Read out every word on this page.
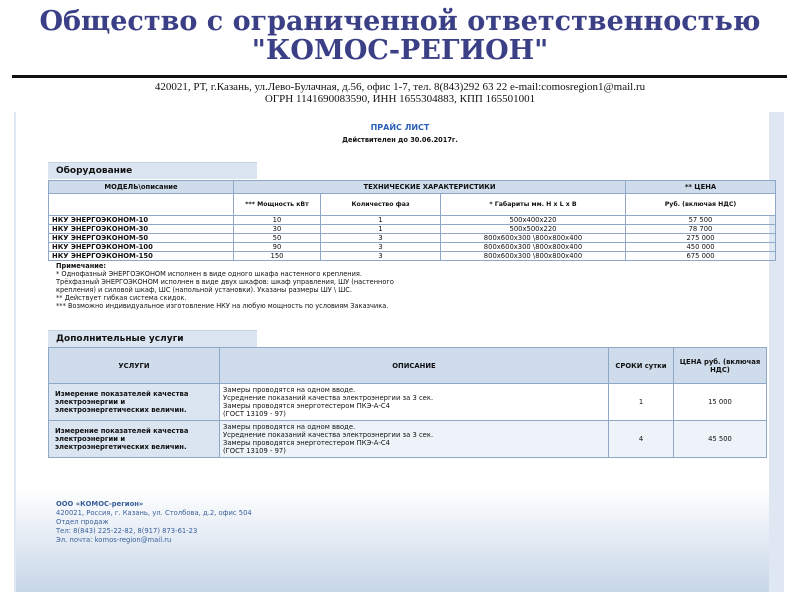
Общество с ограниченной ответственностью
"КОМОС-РЕГИОН"
420021, РТ, г.Казань, ул.Лево-Булачная, д.56, офис 1-7, тел. 8(843)292 63 22 e-mail:comosregion1@mail.ru
ОГРН 1141690083590, ИНН 1655304883, КПП 165501001
ПРАЙС ЛИСТ
Действителен до 30.06.2017г.
Оборудование
МОДЕЛЬ\описание	ТЕХНИЧЕСКИЕ ХАРАКТЕРИСТИКИ			** ЦЕНА
	*** Мощность кВт	Количество фаз	* Габариты мм. Н х L х В	Руб. (включая НДС)
НКУ ЭНЕРГОЭКОНОМ-10	10	1	500х400х220	57 500
НКУ ЭНЕРГОЭКОНОМ-30	30	1	500х500х220	78 700
НКУ ЭНЕРГОЭКОНОМ-50	50	3	800х600х300 \800х800х400	275 000
НКУ ЭНЕРГОЭКОНОМ-100	90	3	800х600х300 \800х800х400	450 000
НКУ ЭНЕРГОЭКОНОМ-150	150	3	800х600х300 \800х800х400	675 000
Примечание:
* Однофазный ЭНЕРГОЭКОНОМ исполнен в виде одного шкафа настенного крепления.
Трёхфазный ЭНЕРГОЭКОНОМ исполнен в виде двух шкафов: шкаф управления, ШУ (настенного
крепления) и силовой шкаф, ШС (напольной установки). Указаны размеры ШУ \ ШС.
** Действует гибкая система скидок.
*** Возможно индивидуальное изготовление НКУ на любую мощность по условиям Заказчика.
Дополнительные услуги
УСЛУГИ	ОПИСАНИЕ	СРОКИ сутки	ЦЕНА руб. (включая НДС)
Измерение показателей качества электроэнергии и электроэнергетических величин.	Замеры проводятся на одном вводе.
Усреднение показаний качества электроэнергии за 3 сек.
Замеры проводятся энерготестером ПКЭ-А-С4
(ГОСТ 13109 - 97)	1	15 000
Измерение показателей качества электроэнергии и электроэнергетических величин.	Замеры проводятся на одном вводе.
Усреднение показаний качества электроэнергии за 3 сек.
Замеры проводятся энерготестером ПКЭ-А-С4
(ГОСТ 13109 - 97)	4	45 500
ООО «КОМОС-регион»
420021, Россия, г. Казань, ул. Столбова, д.2, офис 504
Отдел продаж
Тел: 8(843) 225-22-82, 8(917) 873-61-23
Эл. почта: komos-region@mail.ru
